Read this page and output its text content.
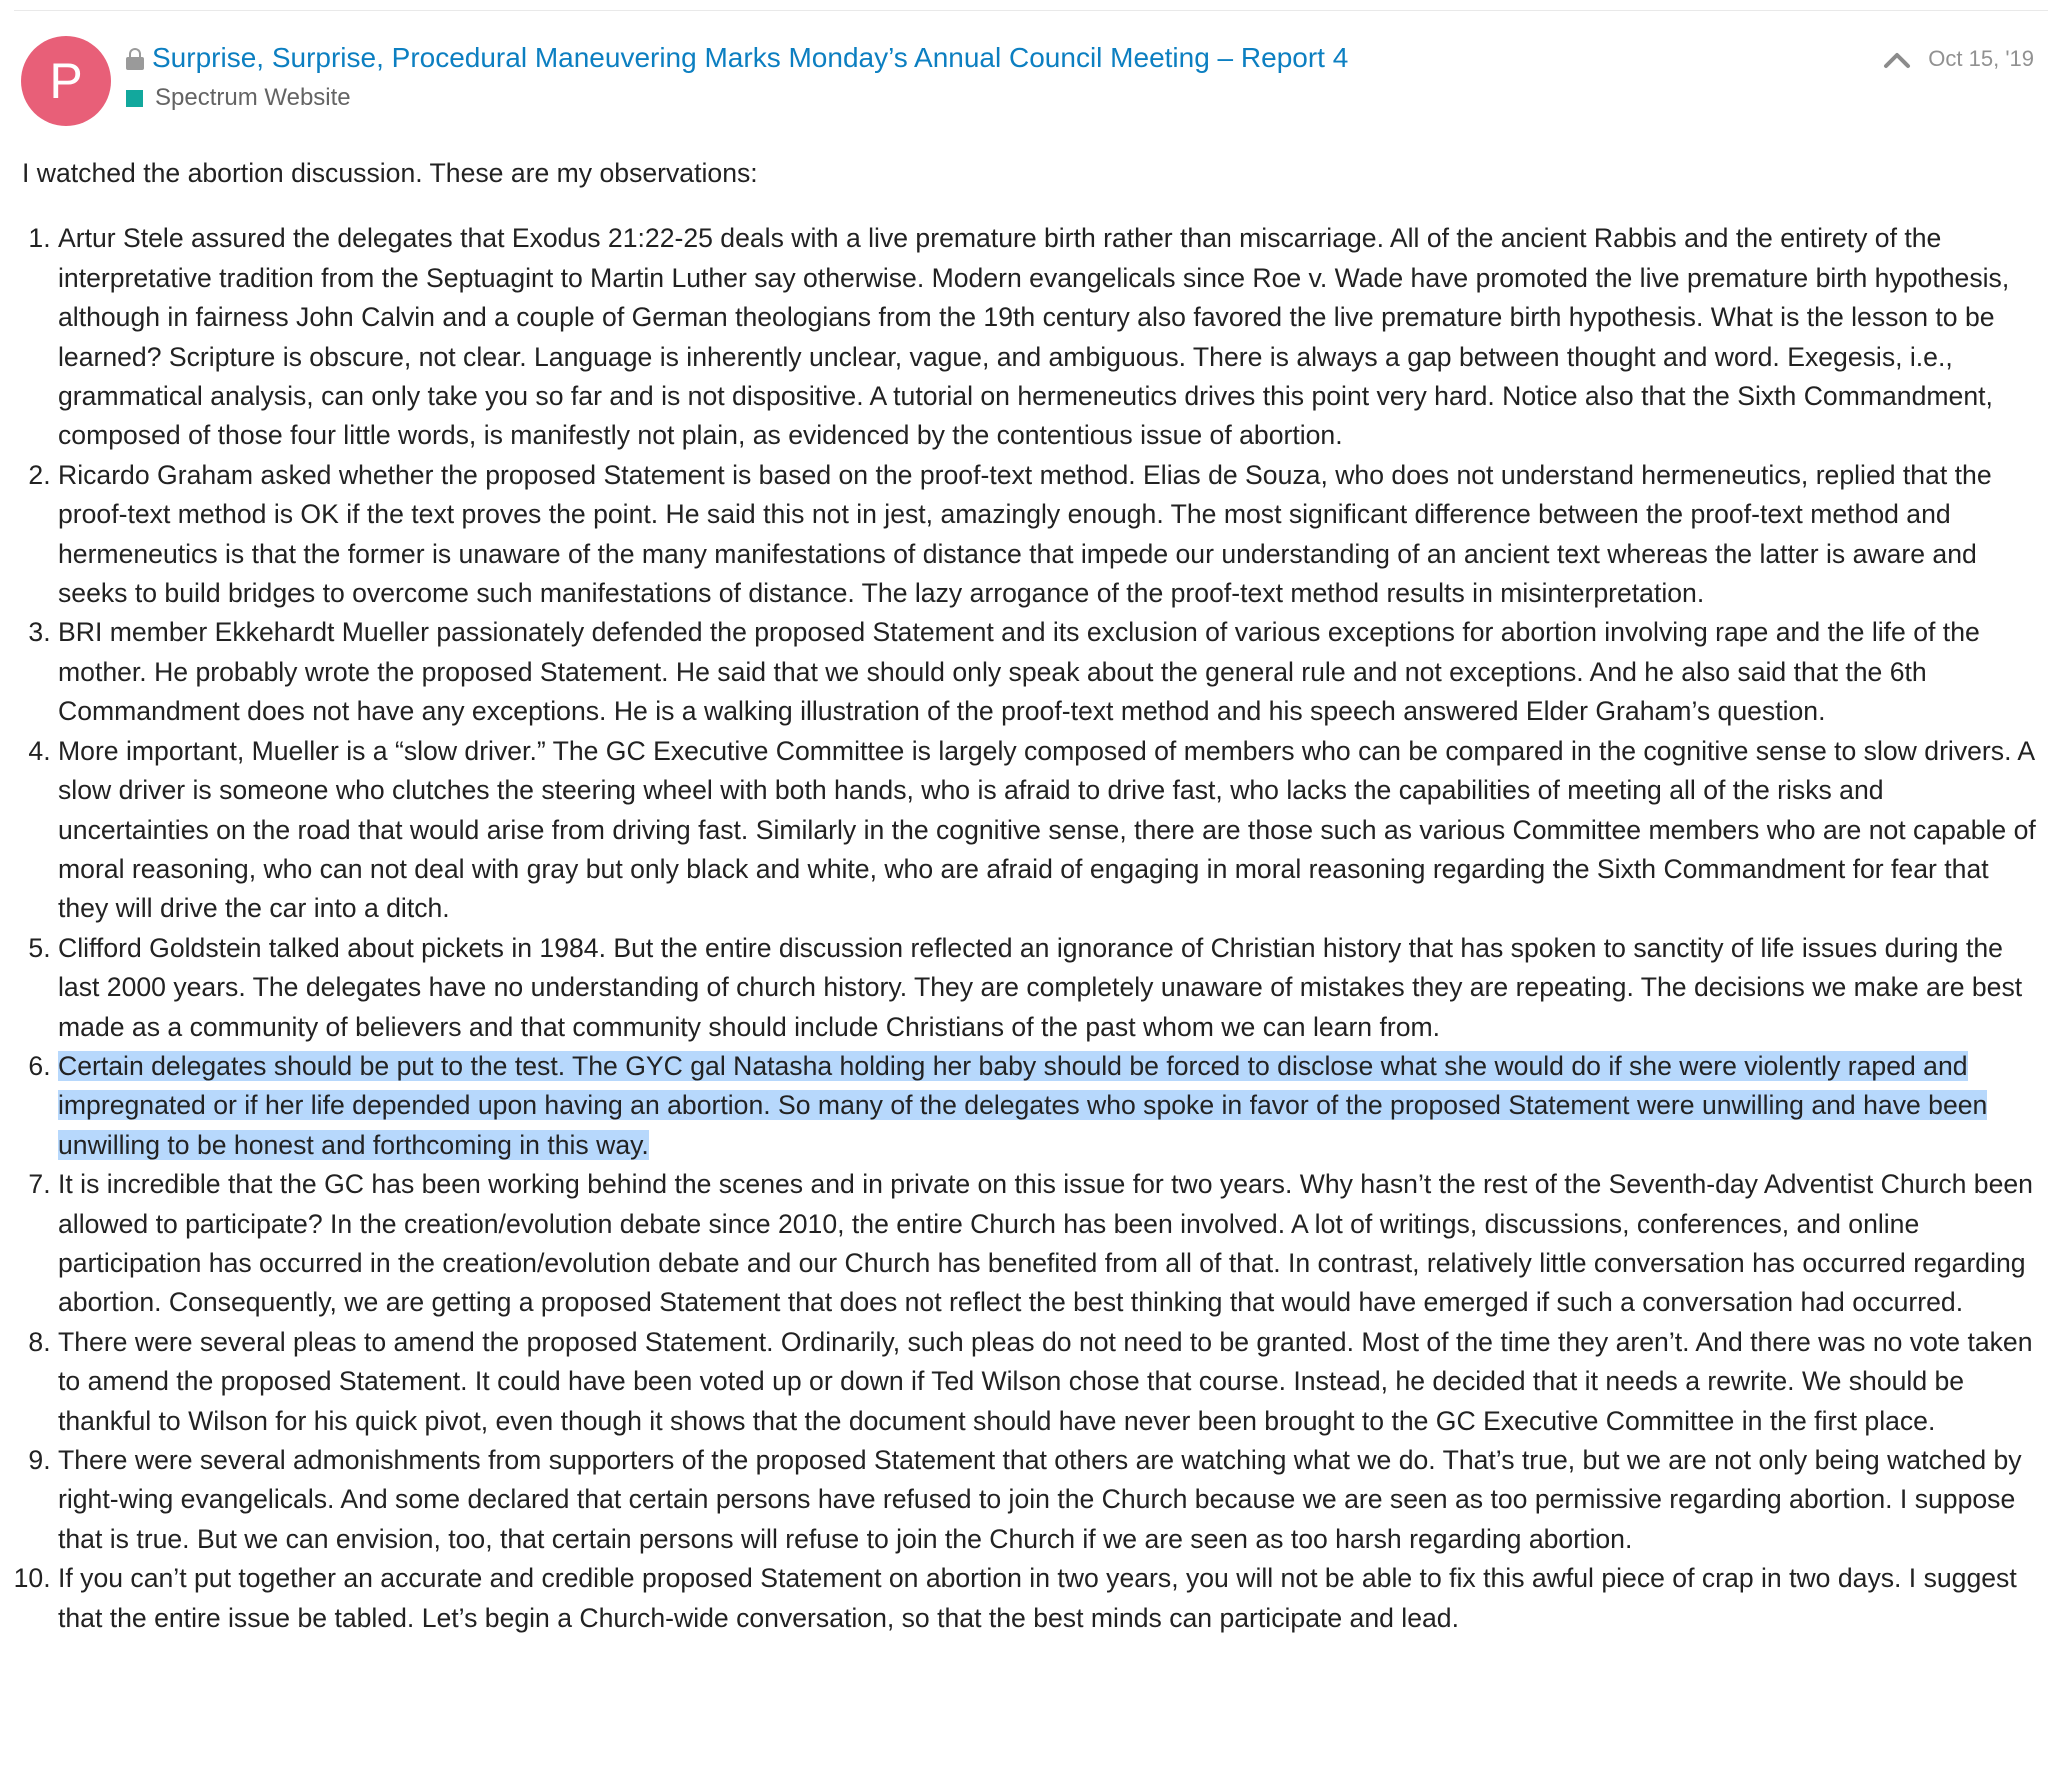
P	Surprise, Surprise, Procedural Maneuvering Marks Monday’s Annual Council Meeting – Report 4
Spectrum Website
Oct 15, '19

I watched the abortion discussion. These are my observations:

1. Artur Stele assured the delegates that Exodus 21:22-25 deals with a live premature birth rather than miscarriage. All of the ancient Rabbis and the entirety of the interpretative tradition from the Septuagint to Martin Luther say otherwise. Modern evangelicals since Roe v. Wade have promoted the live premature birth hypothesis, although in fairness John Calvin and a couple of German theologians from the 19th century also favored the live premature birth hypothesis. What is the lesson to be learned? Scripture is obscure, not clear. Language is inherently unclear, vague, and ambiguous. There is always a gap between thought and word. Exegesis, i.e., grammatical analysis, can only take you so far and is not dispositive. A tutorial on hermeneutics drives this point very hard. Notice also that the Sixth Commandment, composed of those four little words, is manifestly not plain, as evidenced by the contentious issue of abortion.
2. Ricardo Graham asked whether the proposed Statement is based on the proof-text method. Elias de Souza, who does not understand hermeneutics, replied that the proof-text method is OK if the text proves the point. He said this not in jest, amazingly enough. The most significant difference between the proof-text method and hermeneutics is that the former is unaware of the many manifestations of distance that impede our understanding of an ancient text whereas the latter is aware and seeks to build bridges to overcome such manifestations of distance. The lazy arrogance of the proof-text method results in misinterpretation.
3. BRI member Ekkehardt Mueller passionately defended the proposed Statement and its exclusion of various exceptions for abortion involving rape and the life of the mother. He probably wrote the proposed Statement. He said that we should only speak about the general rule and not exceptions. And he also said that the 6th Commandment does not have any exceptions. He is a walking illustration of the proof-text method and his speech answered Elder Graham’s question.
4. More important, Mueller is a “slow driver.” The GC Executive Committee is largely composed of members who can be compared in the cognitive sense to slow drivers. A slow driver is someone who clutches the steering wheel with both hands, who is afraid to drive fast, who lacks the capabilities of meeting all of the risks and uncertainties on the road that would arise from driving fast. Similarly in the cognitive sense, there are those such as various Committee members who are not capable of moral reasoning, who can not deal with gray but only black and white, who are afraid of engaging in moral reasoning regarding the Sixth Commandment for fear that they will drive the car into a ditch.
5. Clifford Goldstein talked about pickets in 1984. But the entire discussion reflected an ignorance of Christian history that has spoken to sanctity of life issues during the last 2000 years. The delegates have no understanding of church history. They are completely unaware of mistakes they are repeating. The decisions we make are best made as a community of believers and that community should include Christians of the past whom we can learn from.
6. Certain delegates should be put to the test. The GYC gal Natasha holding her baby should be forced to disclose what she would do if she were violently raped and impregnated or if her life depended upon having an abortion. So many of the delegates who spoke in favor of the proposed Statement were unwilling and have been unwilling to be honest and forthcoming in this way.
7. It is incredible that the GC has been working behind the scenes and in private on this issue for two years. Why hasn’t the rest of the Seventh-day Adventist Church been allowed to participate? In the creation/evolution debate since 2010, the entire Church has been involved. A lot of writings, discussions, conferences, and online participation has occurred in the creation/evolution debate and our Church has benefited from all of that. In contrast, relatively little conversation has occurred regarding abortion. Consequently, we are getting a proposed Statement that does not reflect the best thinking that would have emerged if such a conversation had occurred.
8. There were several pleas to amend the proposed Statement. Ordinarily, such pleas do not need to be granted. Most of the time they aren’t. And there was no vote taken to amend the proposed Statement. It could have been voted up or down if Ted Wilson chose that course. Instead, he decided that it needs a rewrite. We should be thankful to Wilson for his quick pivot, even though it shows that the document should have never been brought to the GC Executive Committee in the first place.
9. There were several admonishments from supporters of the proposed Statement that others are watching what we do. That’s true, but we are not only being watched by right-wing evangelicals. And some declared that certain persons have refused to join the Church because we are seen as too permissive regarding abortion. I suppose that is true. But we can envision, too, that certain persons will refuse to join the Church if we are seen as too harsh regarding abortion.
10. If you can’t put together an accurate and credible proposed Statement on abortion in two years, you will not be able to fix this awful piece of crap in two days. I suggest that the entire issue be tabled. Let’s begin a Church-wide conversation, so that the best minds can participate and lead.
